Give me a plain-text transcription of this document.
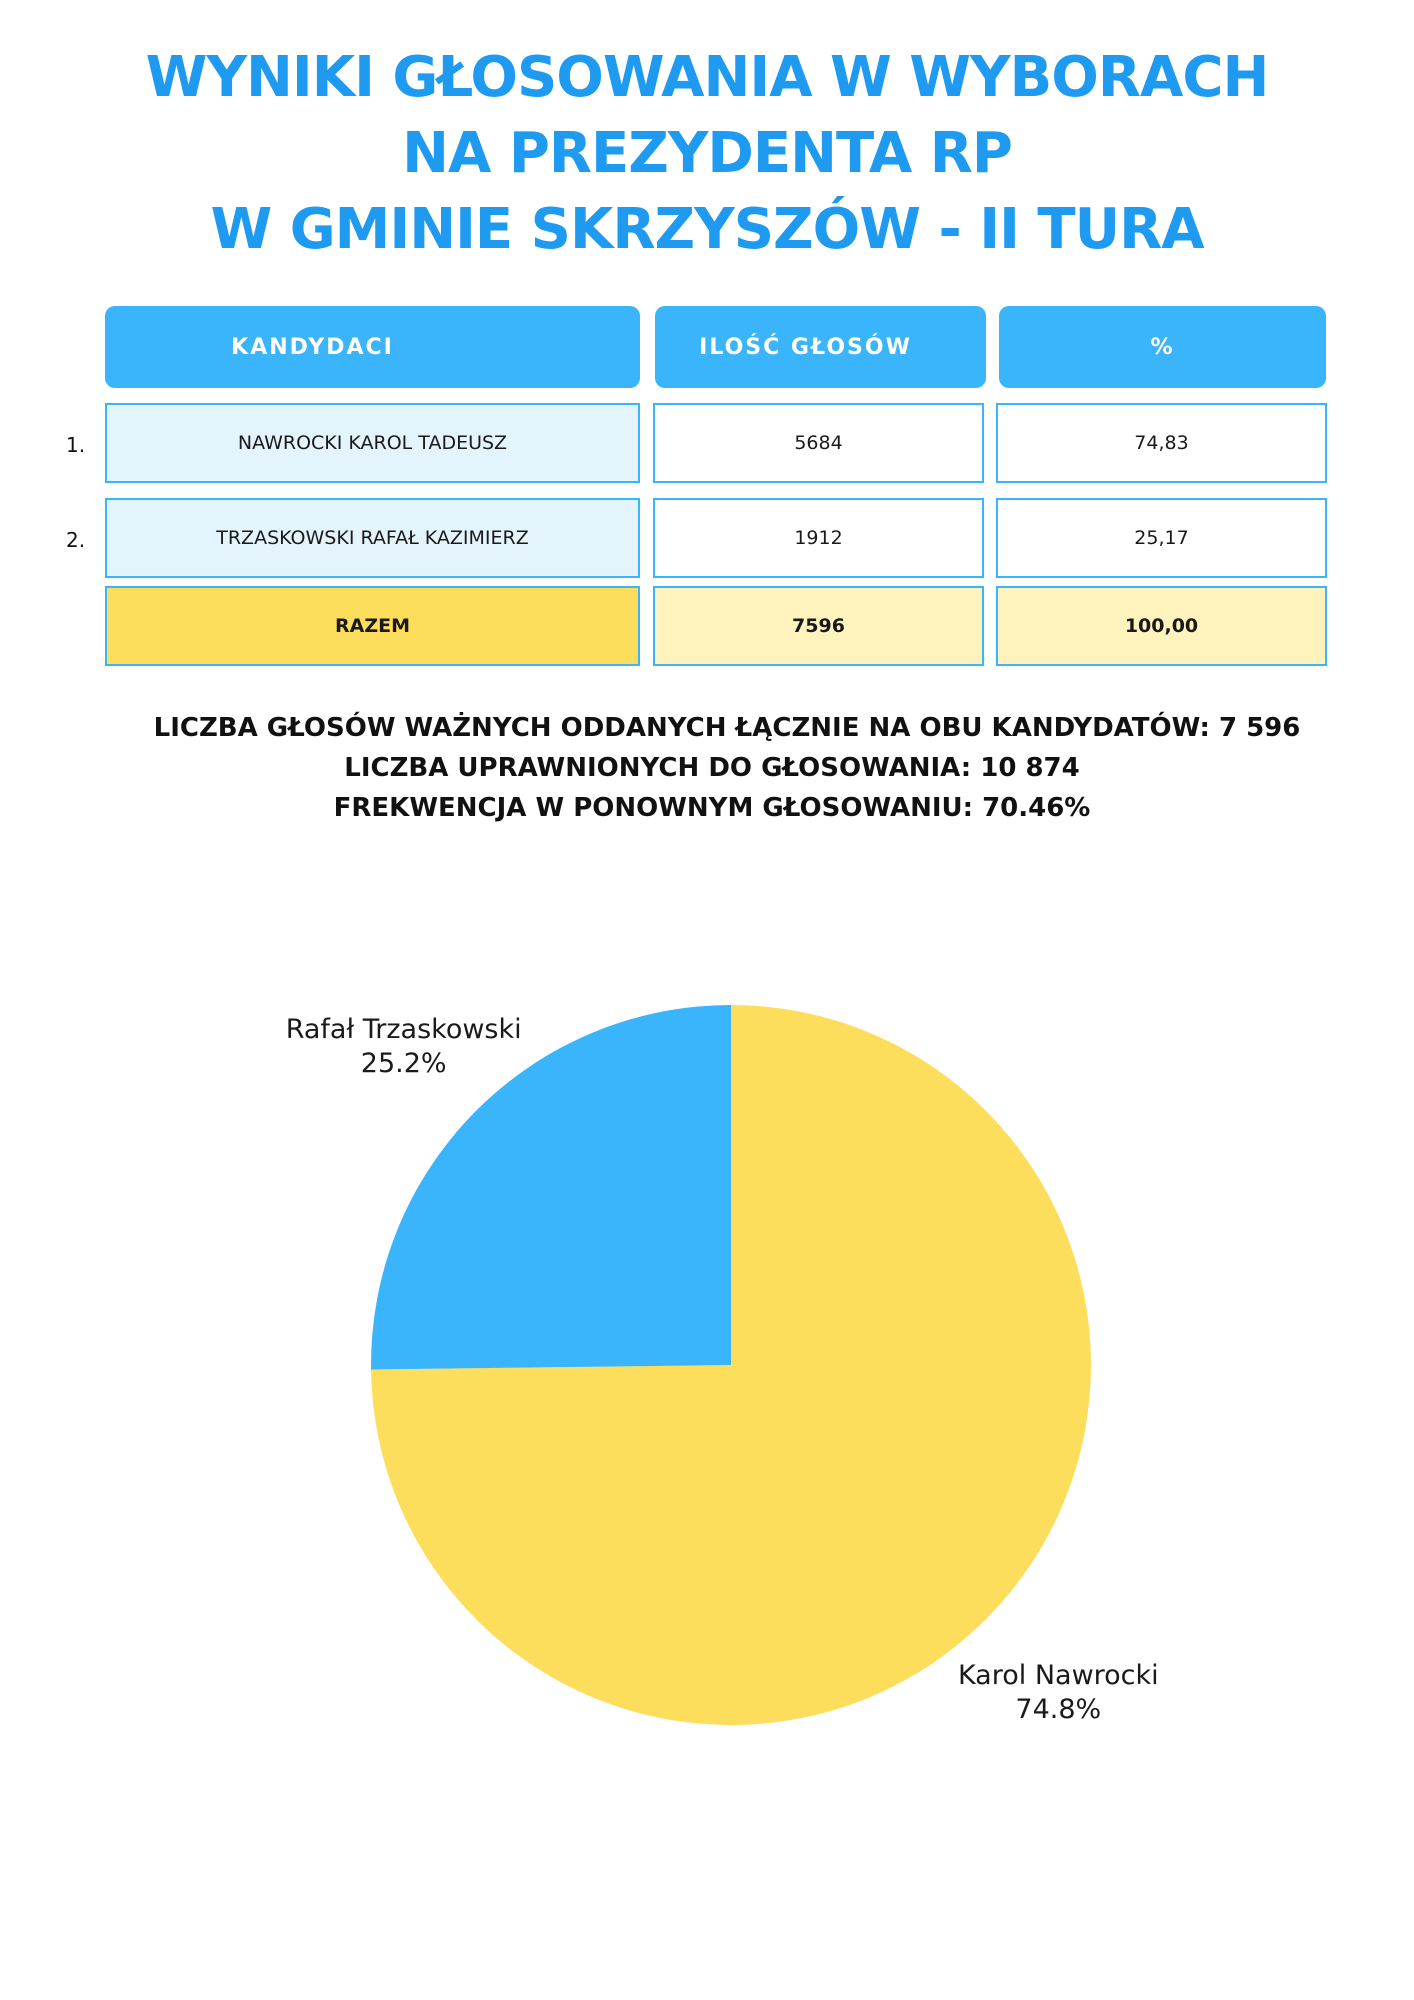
WYNIKI GŁOSOWANIA W WYBORACH
NA PREZYDENTA RP
W GMINIE SKRZYSZÓW - II TURA
KANDYDACI	ILOŚĆ GŁOSÓW	%
1.	NAWROCKI KAROL TADEUSZ	5684	74,83
2.	TRZASKOWSKI RAFAŁ KAZIMIERZ	1912	25,17
RAZEM	7596	100,00
LICZBA GŁOSÓW WAŻNYCH ODDANYCH ŁĄCZNIE NA OBU KANDYDATÓW: 7 596
LICZBA UPRAWNIONYCH DO GŁOSOWANIA: 10 874
FREKWENCJA W PONOWNYM GŁOSOWANIU: 70.46%
Karol Nawrocki
74.8%
Rafał Trzaskowski
25.2%
